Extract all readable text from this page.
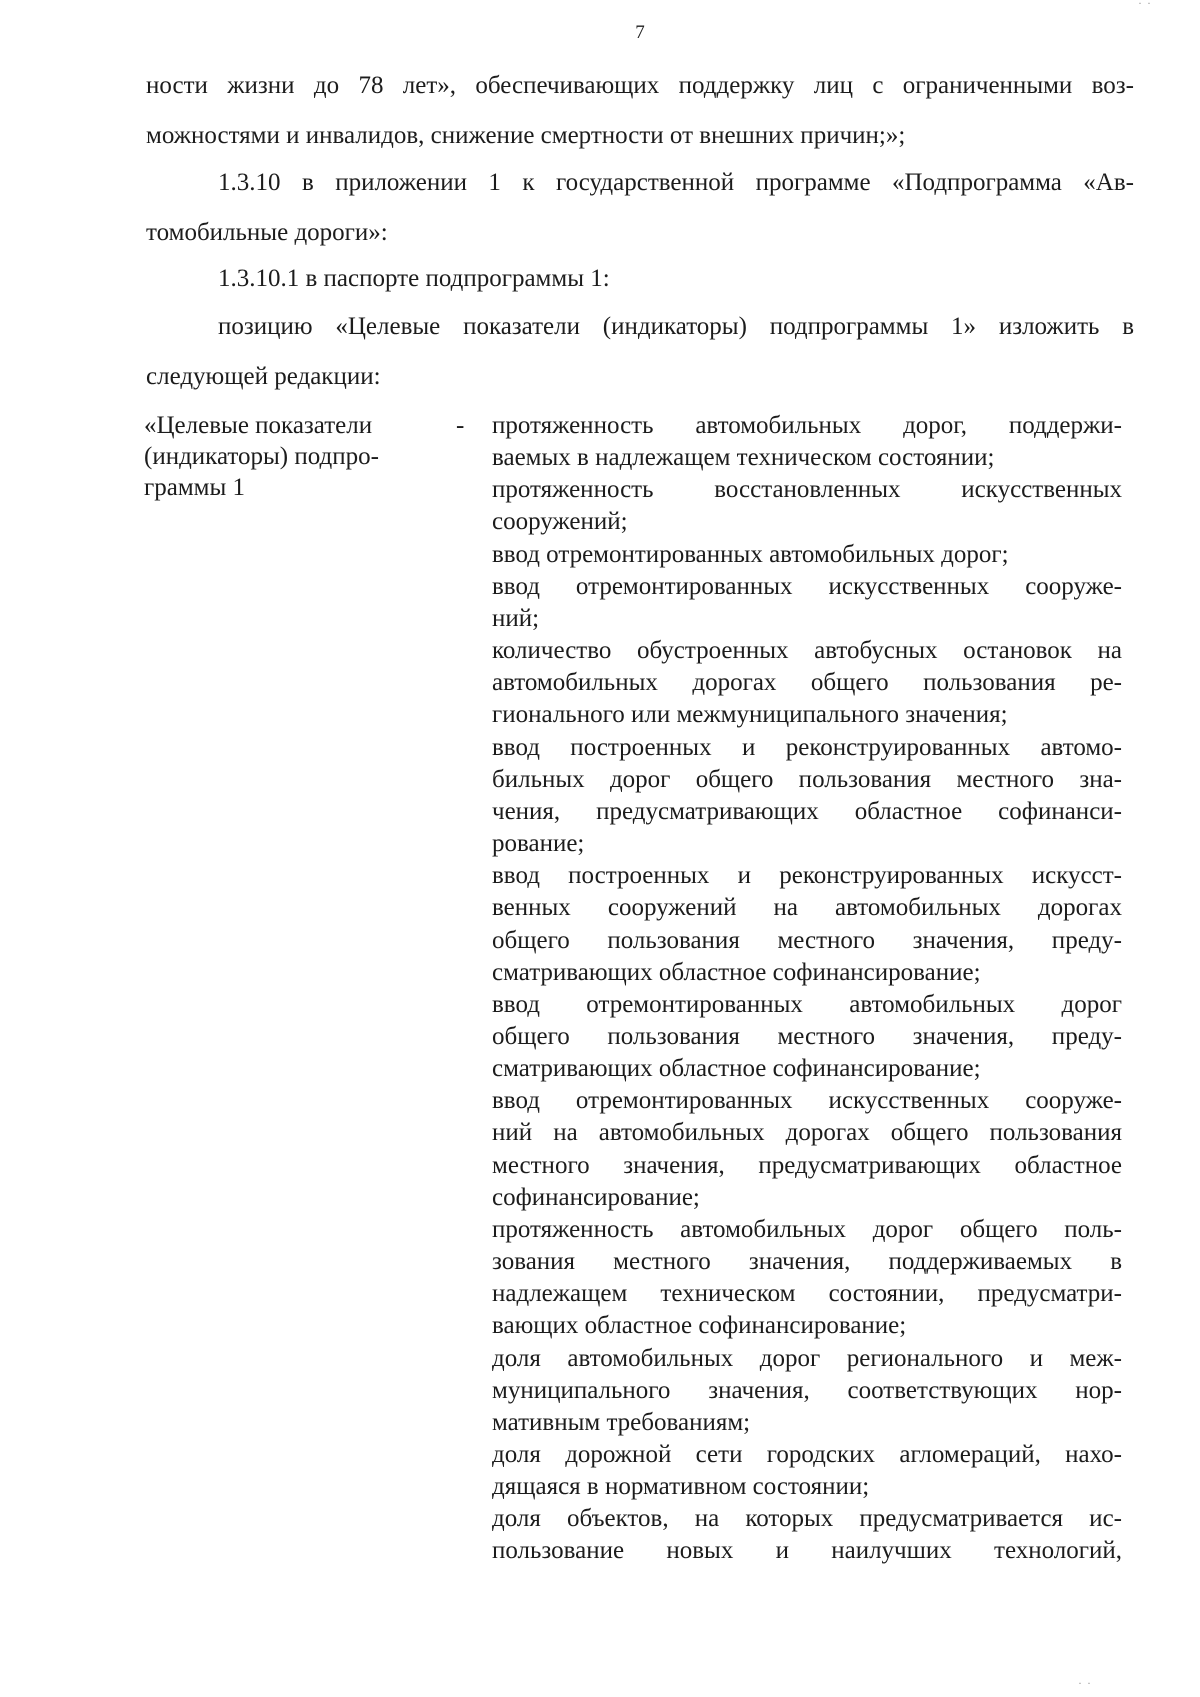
7
ности жизни до 78 лет», обеспечивающих поддержку лиц с ограниченными воз-
можностями и инвалидов, снижение смертности от внешних причин;»;
1.3.10 в приложении 1 к государственной программе «Подпрограмма «Ав-
томобильные дороги»:
1.3.10.1 в паспорте подпрограммы 1:
позицию «Целевые показатели (индикаторы) подпрограммы 1» изложить в
следующей редакции:
«Целевые показатели
(индикаторы) подпро-
граммы 1
- протяженность автомобильных дорог, поддержи-
ваемых в надлежащем техническом состоянии;
протяженность восстановленных искусственных
сооружений;
ввод отремонтированных автомобильных дорог;
ввод отремонтированных искусственных сооруже-
ний;
количество обустроенных автобусных остановок на
автомобильных дорогах общего пользования ре-
гионального или межмуниципального значения;
ввод построенных и реконструированных автомо-
бильных дорог общего пользования местного зна-
чения, предусматривающих областное софинанси-
рование;
ввод построенных и реконструированных искусст-
венных сооружений на автомобильных дорогах
общего пользования местного значения, преду-
сматривающих областное софинансирование;
ввод отремонтированных автомобильных дорог
общего пользования местного значения, преду-
сматривающих областное софинансирование;
ввод отремонтированных искусственных сооруже-
ний на автомобильных дорогах общего пользования
местного значения, предусматривающих областное
софинансирование;
протяженность автомобильных дорог общего поль-
зования местного значения, поддерживаемых в
надлежащем техническом состоянии, предусматри-
вающих областное софинансирование;
доля автомобильных дорог регионального и меж-
муниципального значения, соответствующих нор-
мативным требованиям;
доля дорожной сети городских агломераций, нахо-
дящаяся в нормативном состоянии;
доля объектов, на которых предусматривается ис-
пользование новых и наилучших технологий,
· ·
· ·
